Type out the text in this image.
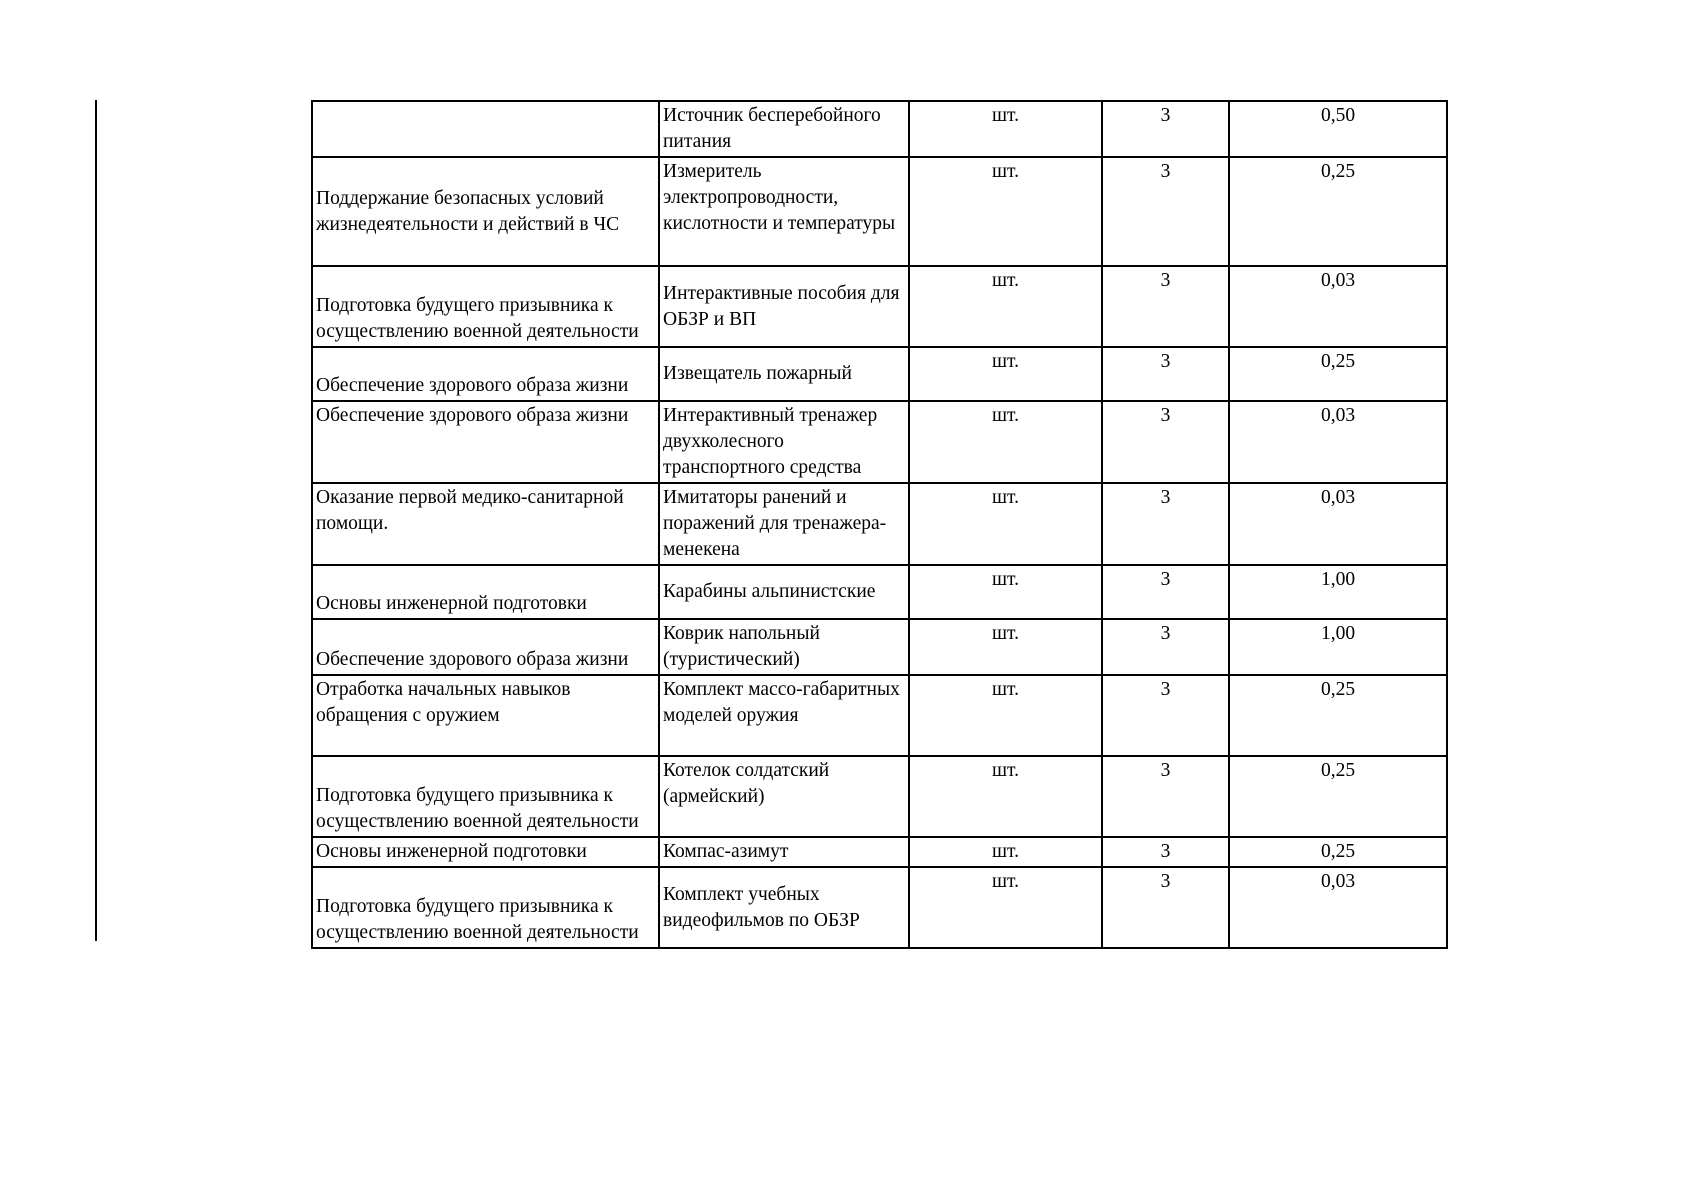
	Источник бесперебойного питания	шт.	3	0,50
Поддержание безопасных условий жизнедеятельности и действий в ЧС	Измеритель электропроводности, кислотности и температуры	шт.	3	0,25
Подготовка будущего призывника к осуществлению военной деятельности	Интерактивные пособия для ОБЗР и ВП	шт.	3	0,03
Обеспечение здорового образа жизни	Извещатель пожарный	шт.	3	0,25
Обеспечение здорового образа жизни	Интерактивный тренажер двухколесного транспортного средства	шт.	3	0,03
Оказание первой медико-санитарной помощи.	Имитаторы ранений и поражений для тренажера-менекена	шт.	3	0,03
Основы инженерной подготовки	Карабины альпинистские	шт.	3	1,00
Обеспечение здорового образа жизни	Коврик напольный (туристический)	шт.	3	1,00
Отработка начальных навыков обращения с оружием	Комплект массо-габаритных моделей оружия	шт.	3	0,25
Подготовка будущего призывника к осуществлению военной деятельности	Котелок солдатский (армейский)	шт.	3	0,25
Основы инженерной подготовки	Компас-азимут	шт.	3	0,25
Подготовка будущего призывника к осуществлению военной деятельности	Комплект учебных видеофильмов по ОБЗР	шт.	3	0,03
